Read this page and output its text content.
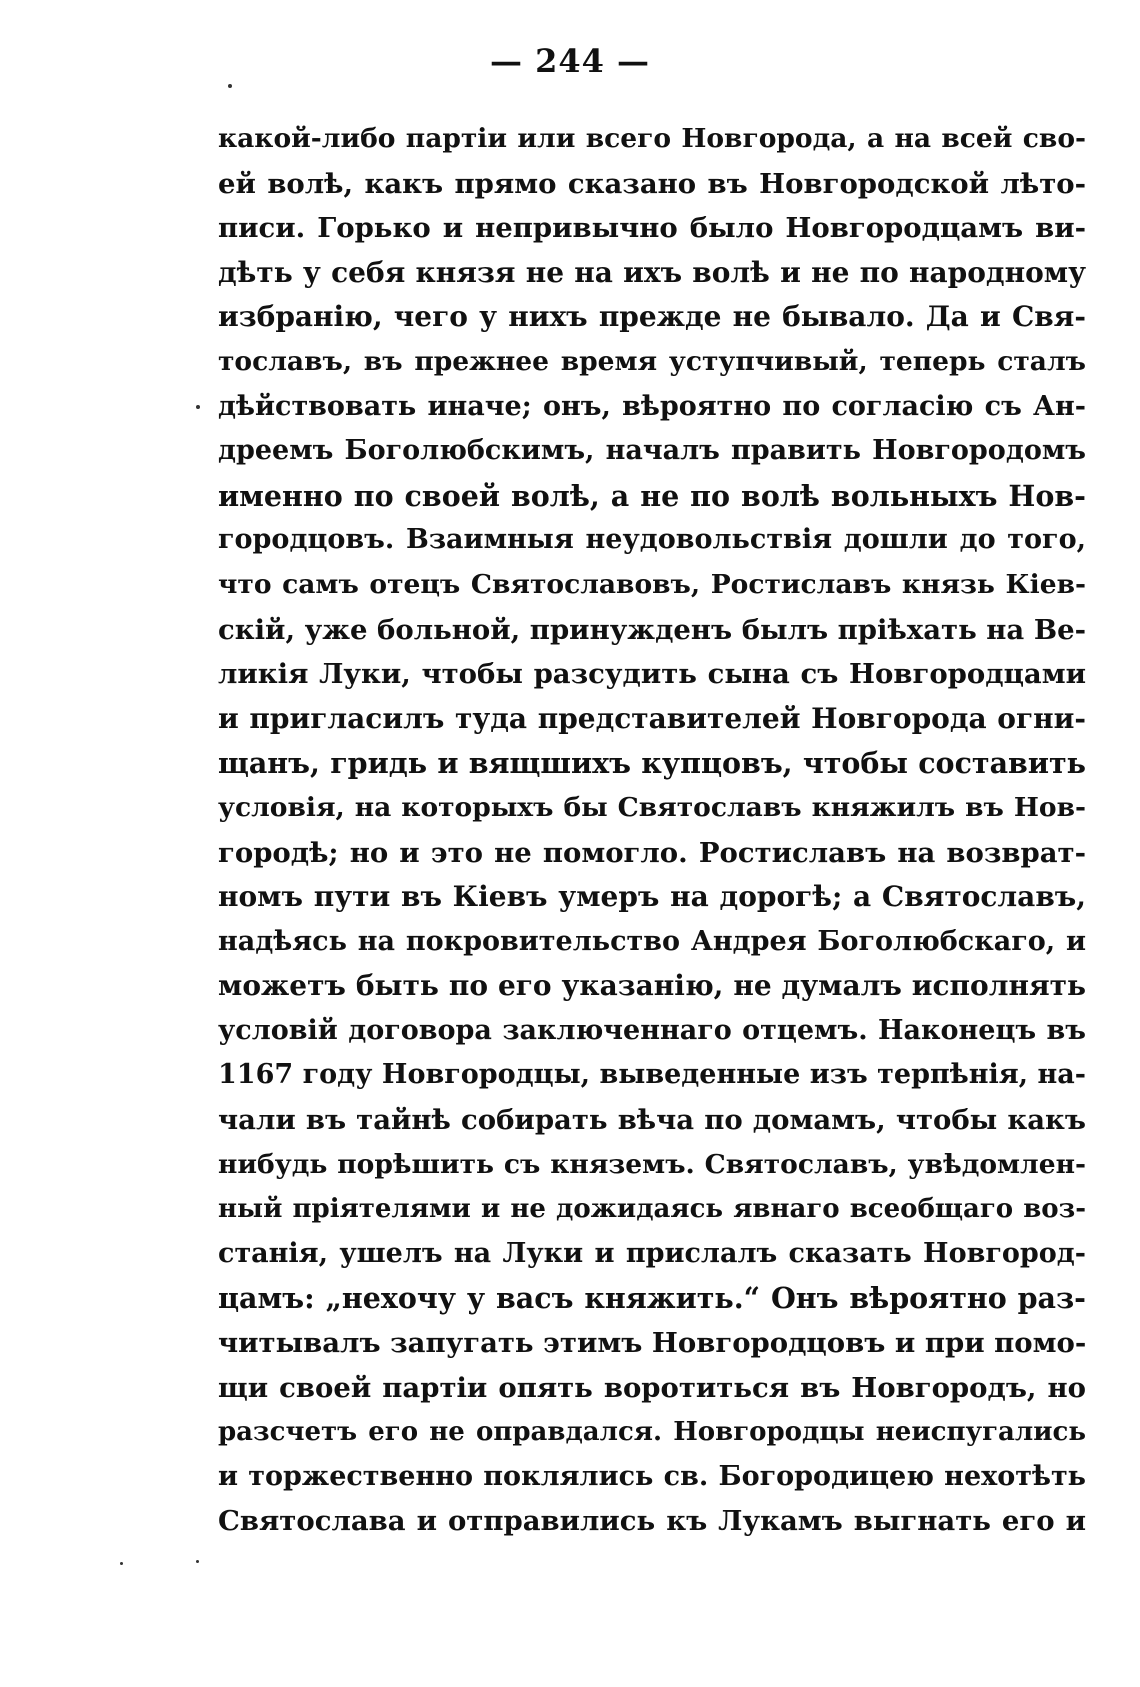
— 244 —
какой-либо партіи или всего Новгорода, а на всей сво-
ей волѣ, какъ прямо сказано въ Новгородской лѣто-
писи. Горько и непривычно было Новгородцамъ ви-
дѣть у себя князя не на ихъ волѣ и не по народному
избранію, чего у нихъ прежде не бывало. Да и Свя-
тославъ, въ прежнее время уступчивый, теперь сталъ
дѣйствовать иначе; онъ, вѣроятно по согласію съ Ан-
дреемъ Боголюбскимъ, началъ править Новгородомъ
именно по своей волѣ, а не по волѣ вольныхъ Нов-
городцовъ. Взаимныя неудовольствія дошли до того,
что самъ отецъ Святославовъ, Ростиславъ князь Кіев-
скій, уже больной, принужденъ былъ пріѣхать на Ве-
ликія Луки, чтобы разсудить сына съ Новгородцами
и пригласилъ туда представителей Новгорода огни-
щанъ, гридь и вящшихъ купцовъ, чтобы составить
условія, на которыхъ бы Святославъ княжилъ въ Нов-
городѣ; но и это не помогло. Ростиславъ на возврат-
номъ пути въ Кіевъ умеръ на дорогѣ; а Святославъ,
надѣясь на покровительство Андрея Боголюбскаго, и
можетъ быть по его указанію, не думалъ исполнять
условій договора заключеннаго отцемъ. Наконецъ въ
1167 году Новгородцы, выведенные изъ терпѣнія, на-
чали въ тайнѣ собирать вѣча по домамъ, чтобы какъ
нибудь порѣшить съ княземъ. Святославъ, увѣдомлен-
ный пріятелями и не дожидаясь явнаго всеобщаго воз-
станія, ушелъ на Луки и прислалъ сказать Новгород-
цамъ: „нехочу у васъ княжить.“ Онъ вѣроятно раз-
читывалъ запугать этимъ Новгородцовъ и при помо-
щи своей партіи опять воротиться въ Новгородъ, но
разсчетъ его не оправдался. Новгородцы неиспугались
и торжественно поклялись св. Богородицею нехотѣть
Святослава и отправились къ Лукамъ выгнать его и
